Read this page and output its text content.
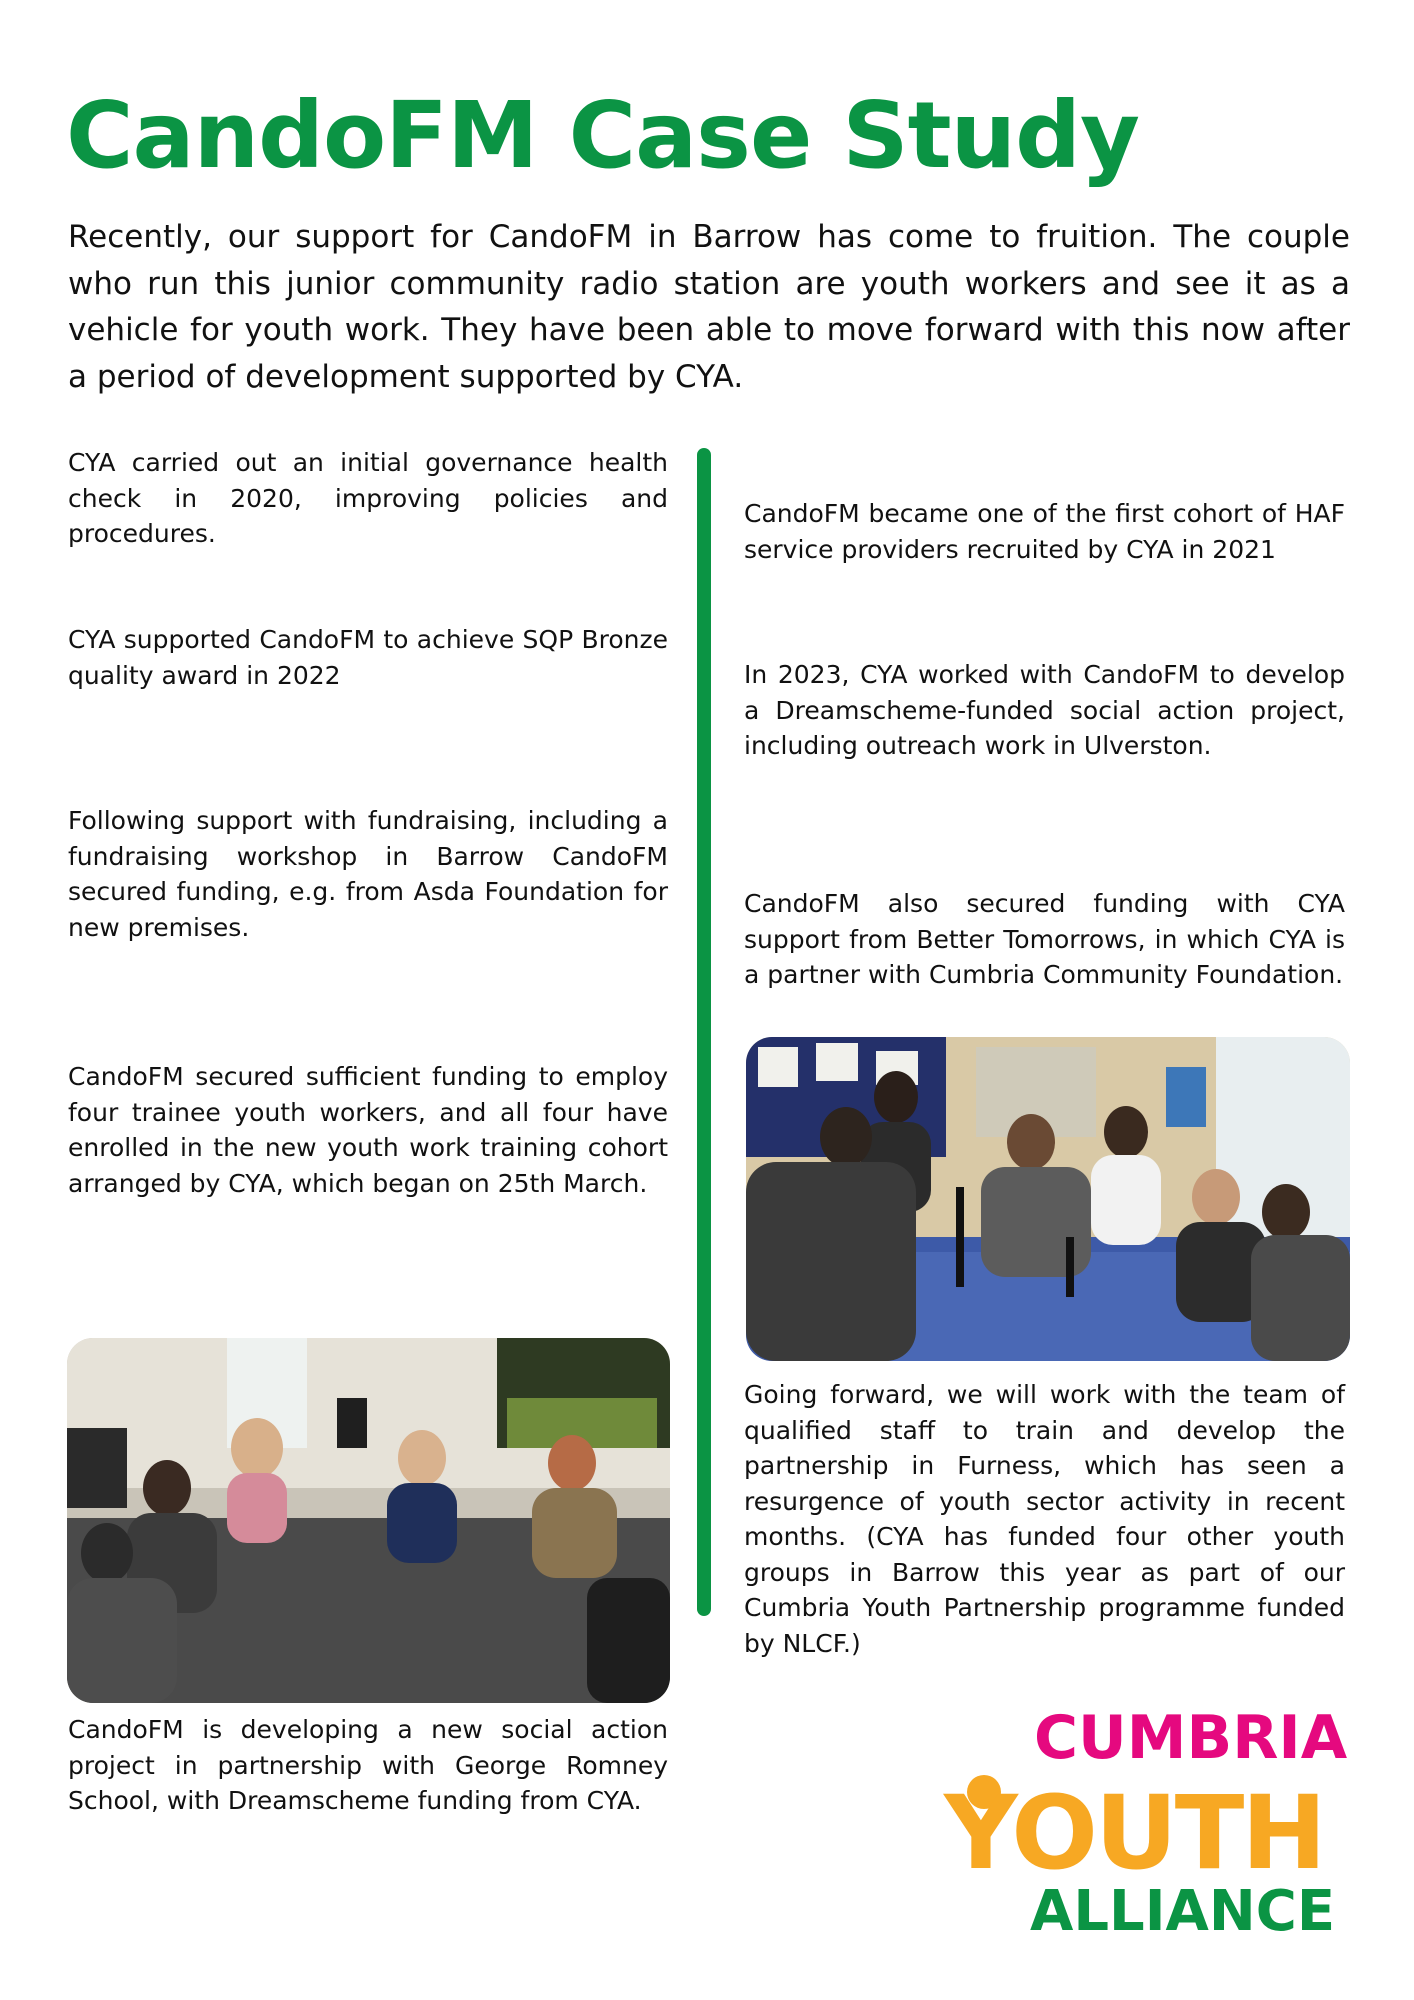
CandoFM Case Study

Recently, our support for CandoFM in Barrow has come to fruition. The couple who run this junior community radio station are youth workers and see it as a vehicle for youth work. They have been able to move forward with this now after a period of development supported by CYA.

CYA carried out an initial governance health check in 2020, improving policies and procedures.

CYA supported CandoFM to achieve SQP Bronze quality award in 2022

Following support with fundraising, including a fundraising workshop in Barrow CandoFM secured funding, e.g. from Asda Foundation for new premises.

CandoFM secured sufficient funding to employ four trainee youth workers, and all four have enrolled in the new youth work training cohort arranged by CYA, which began on 25th March.

CandoFM is developing a new social action project in partnership with George Romney School, with Dreamscheme funding from CYA.

CandoFM became one of the first cohort of HAF service providers recruited by CYA in 2021

In 2023, CYA worked with CandoFM to develop a Dreamscheme-funded social action project, including outreach work in Ulverston.

CandoFM also secured funding with CYA support from Better Tomorrows, in which CYA is a partner with Cumbria Community Foundation.

Going forward, we will work with the team of qualified staff to train and develop the partnership in Furness, which has seen a resurgence of youth sector activity in recent months. (CYA has funded four other youth groups in Barrow this year as part of our Cumbria Youth Partnership programme funded by NLCF.)

CUMBRIA
YOUTH
ALLIANCE
